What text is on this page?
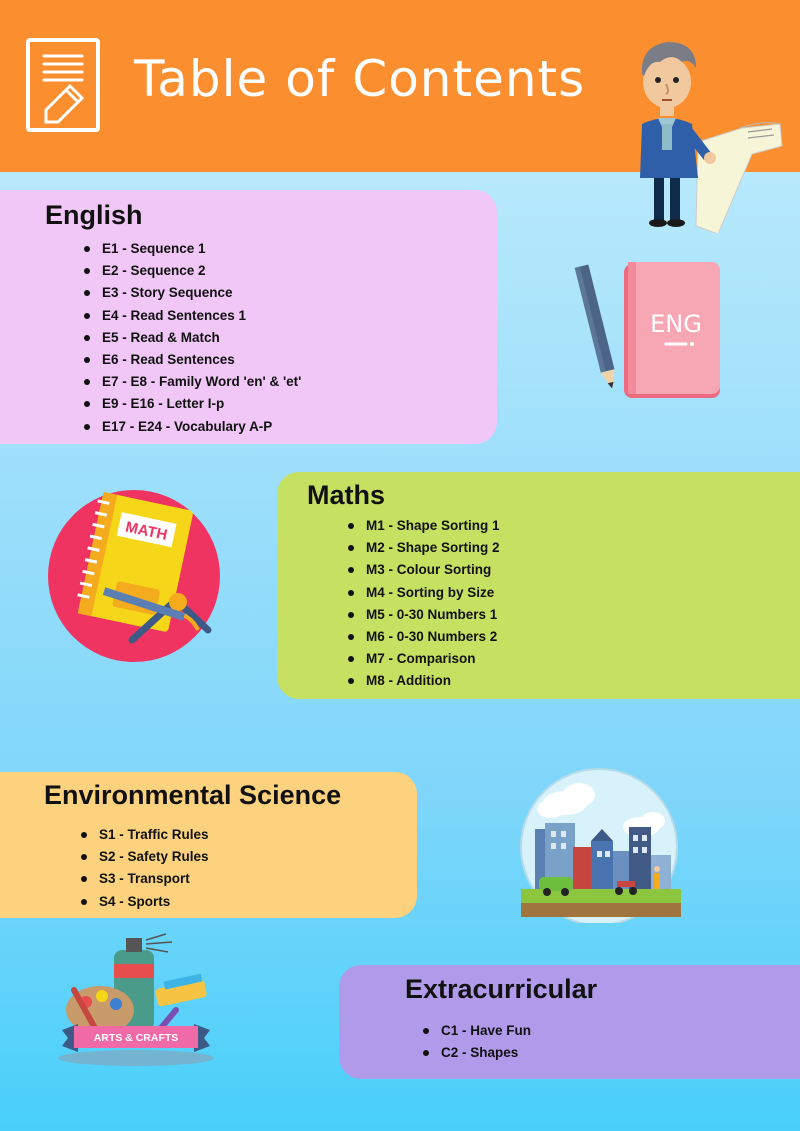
Table of Contents
English
E1 - Sequence 1
E2 - Sequence 2
E3 - Story Sequence
E4 - Read Sentences 1
E5 - Read & Match
E6 - Read Sentences
E7 - E8 - Family Word 'en' & 'et'
E9 - E16 - Letter I-p
E17 - E24 - Vocabulary A-P
ENG
MATH
Maths
M1 - Shape Sorting 1
M2 - Shape Sorting 2
M3 - Colour Sorting
M4 - Sorting by Size
M5 - 0-30 Numbers 1
M6 - 0-30 Numbers 2
M7 - Comparison
M8 - Addition
Environmental Science
S1 - Traffic Rules
S2 - Safety Rules
S3 - Transport
S4 - Sports
ARTS & CRAFTS
Extracurricular
C1 - Have Fun
C2 - Shapes
